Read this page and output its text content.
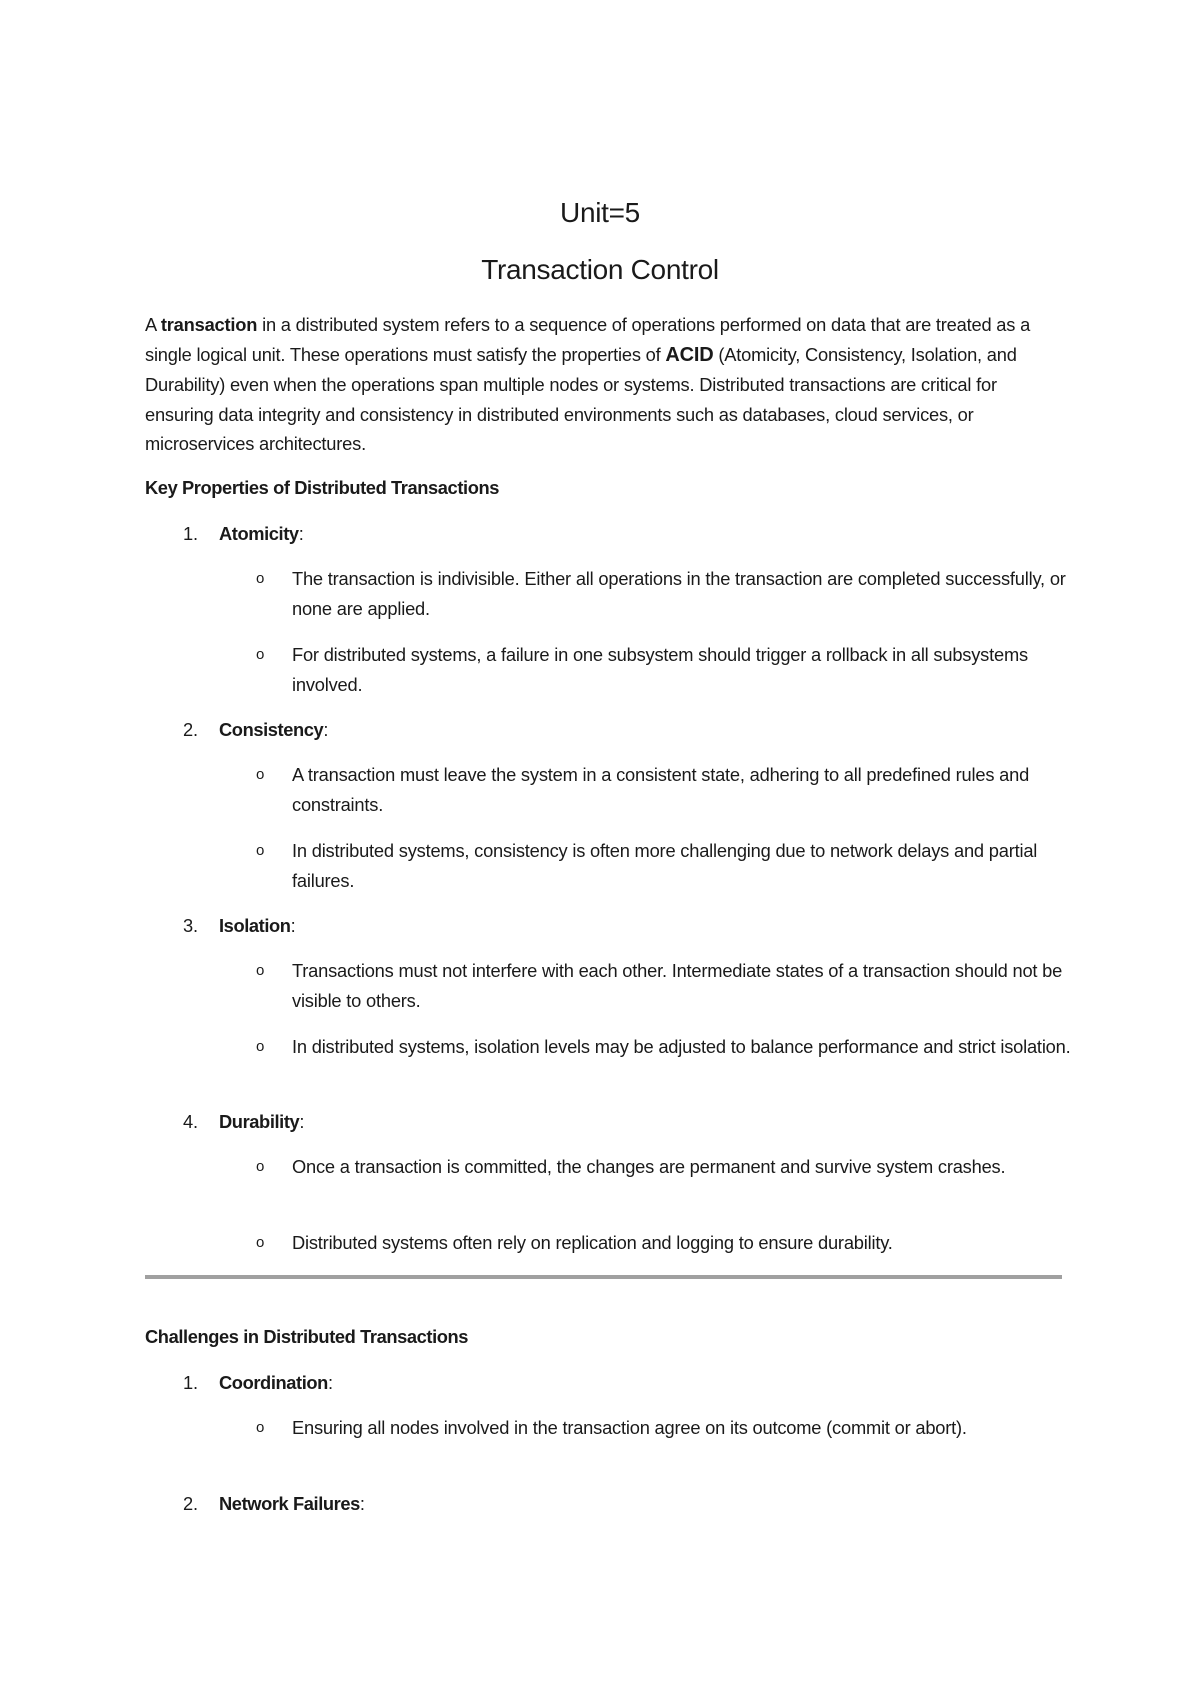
Unit=5
Transaction Control
A transaction in a distributed system refers to a sequence of operations performed on data that are treated as a single logical unit. These operations must satisfy the properties of ACID (Atomicity, Consistency, Isolation, and Durability) even when the operations span multiple nodes or systems. Distributed transactions are critical for ensuring data integrity and consistency in distributed environments such as databases, cloud services, or microservices architectures.
Key Properties of Distributed Transactions
1. Atomicity:
o The transaction is indivisible. Either all operations in the transaction are completed successfully, or none are applied.
o For distributed systems, a failure in one subsystem should trigger a rollback in all subsystems involved.
2. Consistency:
o A transaction must leave the system in a consistent state, adhering to all predefined rules and constraints.
o In distributed systems, consistency is often more challenging due to network delays and partial failures.
3. Isolation:
o Transactions must not interfere with each other. Intermediate states of a transaction should not be visible to others.
o In distributed systems, isolation levels may be adjusted to balance performance and strict isolation.
4. Durability:
o Once a transaction is committed, the changes are permanent and survive system crashes.
o Distributed systems often rely on replication and logging to ensure durability.
Challenges in Distributed Transactions
1. Coordination:
o Ensuring all nodes involved in the transaction agree on its outcome (commit or abort).
2. Network Failures:
